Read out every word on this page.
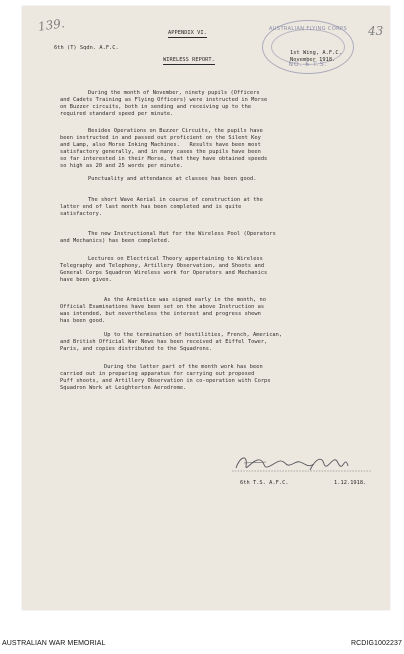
139.	43
AUSTRALIAN FLYING CORPS
NO. 6 T.S.
APPENDIX VI.
6th (T) Sqdn. A.F.C.
1st Wing, A.F.C.
November 1918.
WIRELESS REPORT.
During the month of November, ninety pupils (Officers
and Cadets Training as Flying Officers) were instructed in Morse
on Buzzer circuits, both in sending and receiving up to the
required standard speed per minute.
Besides Operations on Buzzer Circuits, the pupils have
been instructed in and passed out proficient on the Silent Key
and Lamp, also Morse Inking Machines.   Results have been most
satisfactory generally, and in many cases the pupils have been
so far interested in their Morse, that they have obtained speeds
so high as 20 and 25 words per minute.
Punctuality and attendance at classes has been good.
The short Wave Aerial in course of construction at the
latter end of last month has been completed and is quite
satisfactory.
The new Instructional Hut for the Wireless Pool (Operators
and Mechanics) has been completed.
Lectures on Electrical Theory appertaining to Wireless
Telegraphy and Telephony, Artillery Observation, and Shoots and
General Corps Squadron Wireless work for Operators and Mechanics
have been given.
As the Armistice was signed early in the month, no
Official Examinations have been set on the above Instruction as
was intended, but nevertheless the interest and progress shewn
has been good.
Up to the termination of hostilities, French, American,
and British Official War News has been received at Eiffel Tower,
Paris, and copies distributed to the Squadrons.
During the latter part of the month work has been
carried out in preparing apparatus for carrying out proposed
Puff shoots, and Artillery Observation in co-operation with Corps
Squadron Work at Leighterton Aerodrome.
6th T.S. A.F.C.	1.12.1918.
AUSTRALIAN WAR MEMORIAL	RCDIG1002237
